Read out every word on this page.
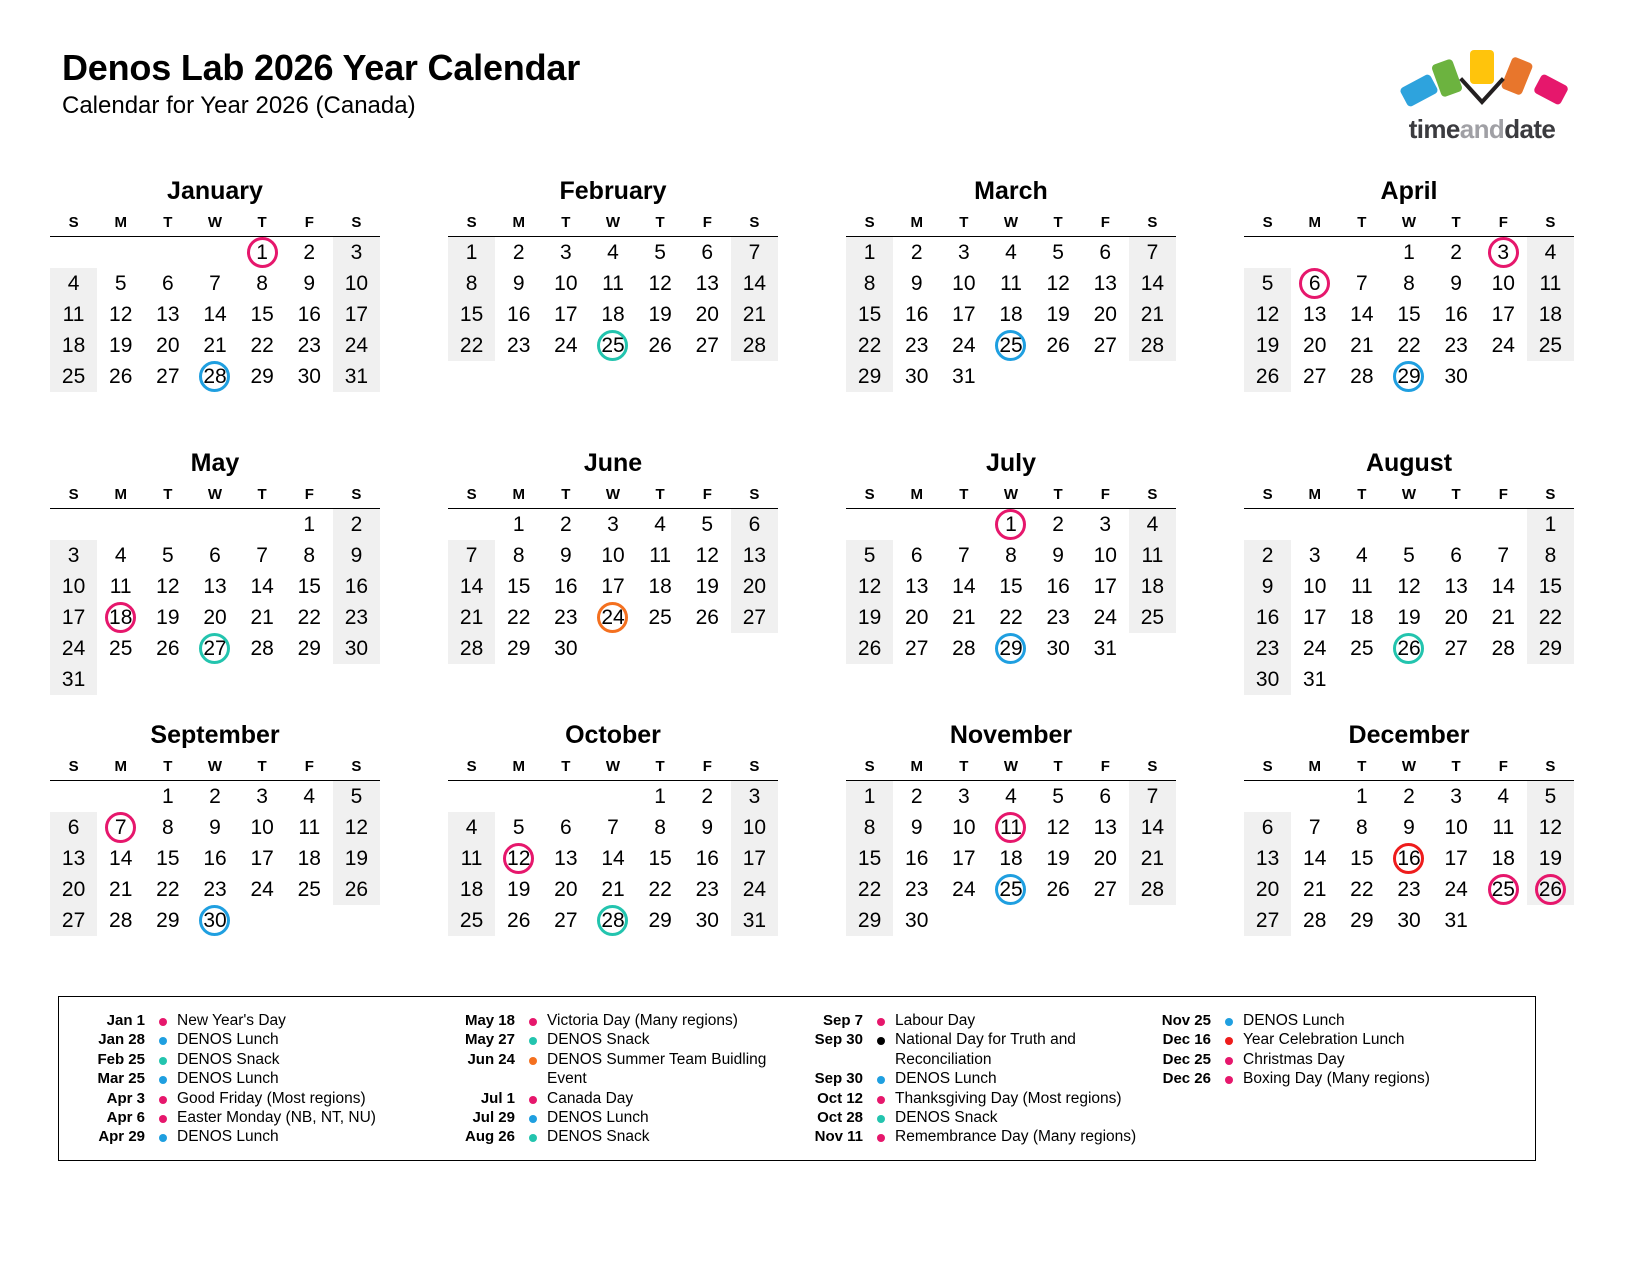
Denos Lab 2026 Year Calendar

Calendar for Year 2026 (Canada)

timeanddate
January
S	M	T	W	T	F	S
				1	2	3
4	5	6	7	8	9	10
11	12	13	14	15	16	17
18	19	20	21	22	23	24
25	26	27	28	29	30	31
February
S	M	T	W	T	F	S
1	2	3	4	5	6	7
8	9	10	11	12	13	14
15	16	17	18	19	20	21
22	23	24	25	26	27	28
March
S	M	T	W	T	F	S
1	2	3	4	5	6	7
8	9	10	11	12	13	14
15	16	17	18	19	20	21
22	23	24	25	26	27	28
29	30	31				
April
S	M	T	W	T	F	S
			1	2	3	4
5	6	7	8	9	10	11
12	13	14	15	16	17	18
19	20	21	22	23	24	25
26	27	28	29	30		
May
S	M	T	W	T	F	S
					1	2
3	4	5	6	7	8	9
10	11	12	13	14	15	16
17	18	19	20	21	22	23
24	25	26	27	28	29	30
31						
June
S	M	T	W	T	F	S
	1	2	3	4	5	6
7	8	9	10	11	12	13
14	15	16	17	18	19	20
21	22	23	24	25	26	27
28	29	30				
July
S	M	T	W	T	F	S
			1	2	3	4
5	6	7	8	9	10	11
12	13	14	15	16	17	18
19	20	21	22	23	24	25
26	27	28	29	30	31	
August
S	M	T	W	T	F	S
						1
2	3	4	5	6	7	8
9	10	11	12	13	14	15
16	17	18	19	20	21	22
23	24	25	26	27	28	29
30	31					
September
S	M	T	W	T	F	S
		1	2	3	4	5
6	7	8	9	10	11	12
13	14	15	16	17	18	19
20	21	22	23	24	25	26
27	28	29	30

October
S	M	T	W	T	F	S
				1	2	3
4	5	6	7	8	9	10
11	12	13	14	15	16	17
18	19	20	21	22	23	24
25	26	27	28	29	30	31
November
S	M	T	W	T	F	S
1	2	3	4	5	6	7
8	9	10	11	12	13	14
15	16	17	18	19	20	21
22	23	24	25	26	27	28
29	30					
December
S	M	T	W	T	F	S
		1	2	3	4	5
6	7	8	9	10	11	12
13	14	15	16	17	18	19
20	21	22	23	24	25	26

27	28	29	30	31		
Jan 1	New Year's Day
Jan 28	DENOS Lunch
Feb 25	DENOS Snack
Mar 25	DENOS Lunch
Apr 3	Good Friday (Most regions)
Apr 6	Easter Monday (NB, NT, NU)
Apr 29	DENOS Lunch
May 18	Victoria Day (Many regions)
May 27	DENOS Snack
Jun 24	DENOS Summer Team Buidling
Event
Jul 1	Canada Day
Jul 29	DENOS Lunch
Aug 26	DENOS Snack
Sep 7	Labour Day
Sep 30	National Day for Truth and
Reconciliation
Sep 30	DENOS Lunch
Oct 12	Thanksgiving Day (Most regions)
Oct 28	DENOS Snack
Nov 11	Remembrance Day (Many regions)
Nov 25	DENOS Lunch
Dec 16	Year Celebration Lunch
Dec 25	Christmas Day
Dec 26	Boxing Day (Many regions)
